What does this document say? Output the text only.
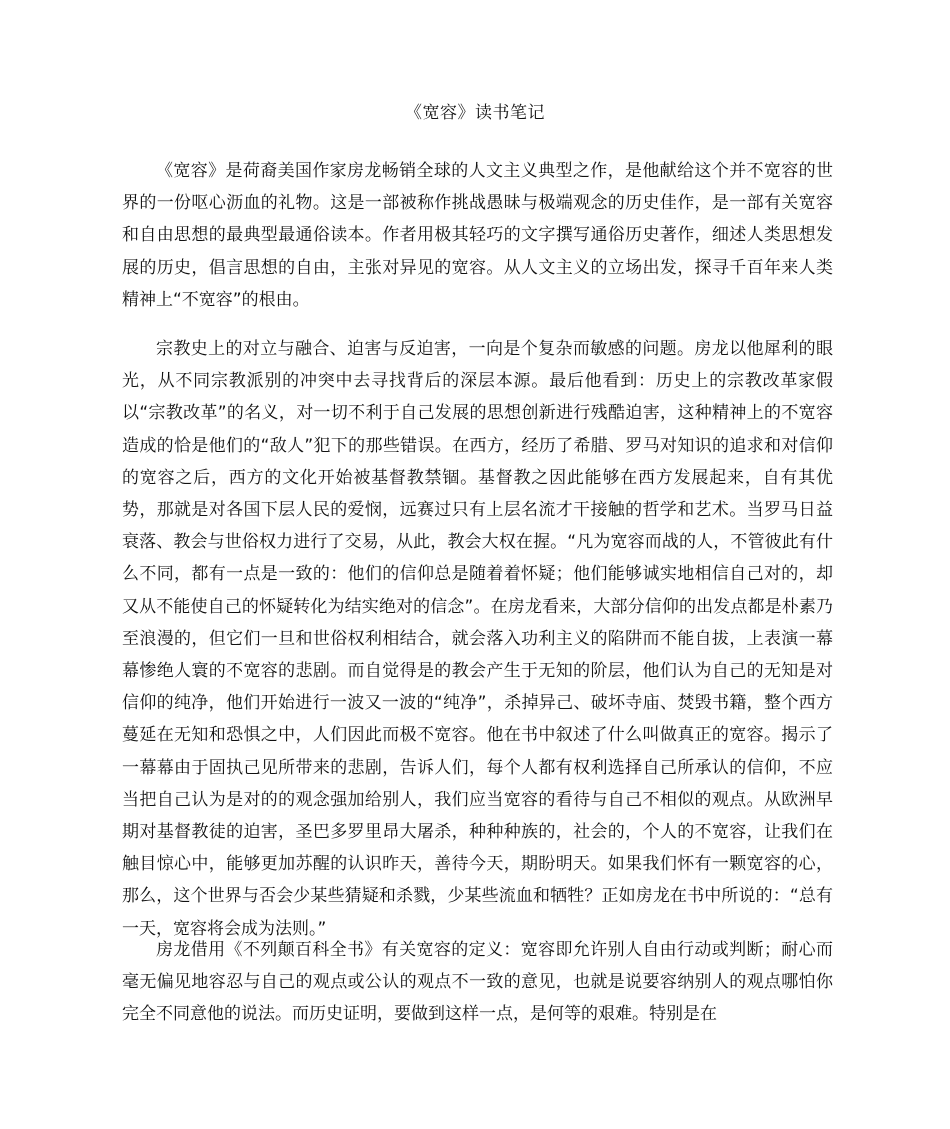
《宽容》读书笔记

《宽容》是荷裔美国作家房龙畅销全球的人文主义典型之作，是他献给这个并不宽容的世界的一份呕心沥血的礼物。这是一部被称作挑战愚昧与极端观念的历史佳作，是一部有关宽容和自由思想的最典型最通俗读本。作者用极其轻巧的文字撰写通俗历史著作，细述人类思想发展的历史，倡言思想的自由，主张对异见的宽容。从人文主义的立场出发，探寻千百年来人类精神上“不宽容”的根由。

宗教史上的对立与融合、迫害与反迫害，一向是个复杂而敏感的问题。房龙以他犀利的眼光，从不同宗教派别的冲突中去寻找背后的深层本源。最后他看到：历史上的宗教改革家假以“宗教改革”的名义，对一切不利于自己发展的思想创新进行残酷迫害，这种精神上的不宽容造成的恰是他们的“敌人”犯下的那些错误。在西方，经历了希腊、罗马对知识的追求和对信仰的宽容之后，西方的文化开始被基督教禁锢。基督教之因此能够在西方发展起来，自有其优势，那就是对各国下层人民的爱悯，远赛过只有上层名流才干接触的哲学和艺术。当罗马日益衰落、教会与世俗权力进行了交易，从此，教会大权在握。“凡为宽容而战的人，不管彼此有什么不同，都有一点是一致的：他们的信仰总是随着着怀疑；他们能够诚实地相信自己对的，却又从不能使自己的怀疑转化为结实绝对的信念”。在房龙看来，大部分信仰的出发点都是朴素乃至浪漫的，但它们一旦和世俗权利相结合，就会落入功利主义的陷阱而不能自拔，上表演一幕幕惨绝人寰的不宽容的悲剧。而自觉得是的教会产生于无知的阶层，他们认为自己的无知是对信仰的纯净，他们开始进行一波又一波的“纯净”，杀掉异己、破坏寺庙、焚毁书籍，整个西方蔓延在无知和恐惧之中，人们因此而极不宽容。他在书中叙述了什么叫做真正的宽容。揭示了一幕幕由于固执己见所带来的悲剧，告诉人们，每个人都有权利选择自己所承认的信仰，不应当把自己认为是对的的观念强加给别人，我们应当宽容的看待与自己不相似的观点。从欧洲早期对基督教徒的迫害，圣巴多罗里昂大屠杀，种种种族的，社会的，个人的不宽容，让我们在触目惊心中，能够更加苏醒的认识昨天，善待今天，期盼明天。如果我们怀有一颗宽容的心，那么，这个世界与否会少某些猜疑和杀戮，少某些流血和牺牲？正如房龙在书中所说的：“总有一天，宽容将会成为法则。”

房龙借用《不列颠百科全书》有关宽容的定义：宽容即允许别人自由行动或判断；耐心而毫无偏见地容忍与自己的观点或公认的观点不一致的意见，也就是说要容纳别人的观点哪怕你完全不同意他的说法。而历史证明，要做到这样一点，是何等的艰难。特别是在
